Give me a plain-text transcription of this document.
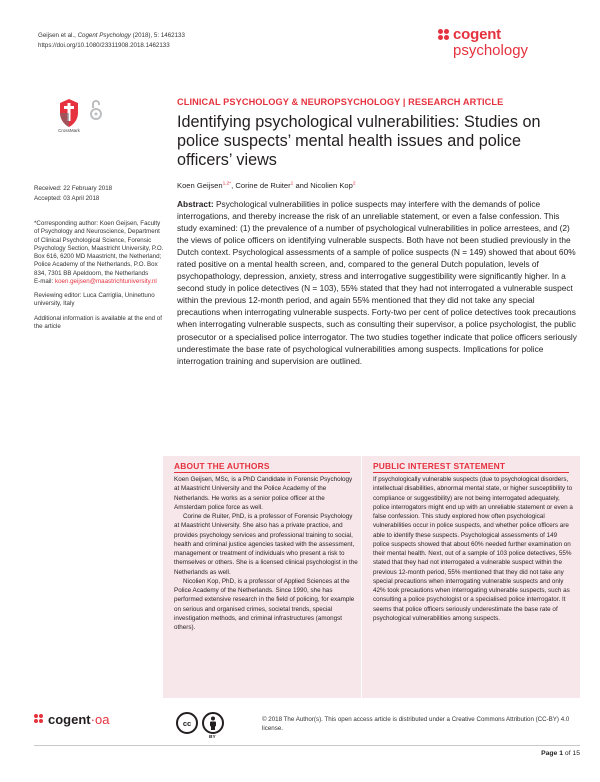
Geijsen et al., Cogent Psychology (2018), 5: 1462133
https://doi.org/10.1080/23311908.2018.1462133
cogent
psychology
CrossMark
CLINICAL PSYCHOLOGY & NEUROPSYCHOLOGY | RESEARCH ARTICLE
Identifying psychological vulnerabilities: Studies on police suspects’ mental health issues and police officers’ views
Koen Geijsen$^{1,2*}$, Corine de Ruiter$^1$ and Nicolien Kop$^2$
Received: 22 February 2018
Accepted: 03 April 2018
*Corresponding author: Koen Geijsen, Faculty of Psychology and Neuroscience, Department of Clinical Psychological Science, Forensic Psychology Section, Maastricht University, P.O. Box 616, 6200 MD Maastricht, the Netherland; Police Academy of the Netherlands, P.O. Box 834, 7301 BB Apeldoorn, the Netherlands
E-mail: koen.geijsen@maastrichtuniversity.nl
Reviewing editor: Luca Carriglia, Uninettuno university, Italy
Additional information is available at the end of the article
Abstract: Psychological vulnerabilities in police suspects may interfere with the demands of police interrogations, and thereby increase the risk of an unreliable statement, or even a false confession. This study examined: (1) the prevalence of a number of psychological vulnerabilities in police arrestees, and (2) the views of police officers on identifying vulnerable suspects. Both have not been studied previously in the Dutch context. Psychological assessments of a sample of police suspects (N = 149) showed that about 60% rated positive on a mental health screen, and, compared to the general Dutch population, levels of psychopathology, depression, anxiety, stress and interrogative suggestibility were significantly higher. In a second study in police detectives (N = 103), 55% stated that they had not interrogated a vulnerable suspect within the previous 12-month period, and again 55% mentioned that they did not take any special precautions when interrogating vulnerable suspects. Forty-two per cent of police detectives took precautions when interrogating vulnerable suspects, such as consulting their supervisor, a police psychologist, the public prosecutor or a specialised police interrogator. The two studies together indicate that police officers seriously underestimate the base rate of psychological vulnerabilities among suspects. Implications for police interrogation training and supervision are outlined.
ABOUT THE AUTHORS
Koen Geijsen, MSc, is a PhD Candidate in Forensic Psychology at Maastricht University and the Police Academy of the Netherlands. He works as a senior police officer at the Amsterdam police force as well.
Corine de Ruiter, PhD, is a professor of Forensic Psychology at Maastricht University. She also has a private practice, and provides psychology services and professional training to social, health and criminal justice agencies tasked with the assessment, management or treatment of individuals who present a risk to themselves or others. She is a licensed clinical psychologist in the Netherlands as well.
Nicolien Kop, PhD, is a professor of Applied Sciences at the Police Academy of the Netherlands. Since 1990, she has performed extensive research in the field of policing, for example on serious and organised crimes, societal trends, special investigation methods, and criminal infrastructures (amongst others).
PUBLIC INTEREST STATEMENT
If psychologically vulnerable suspects (due to psychological disorders, intellectual disabilities, abnormal mental state, or higher susceptibility to compliance or suggestibility) are not being interrogated adequately, police interrogators might end up with an unreliable statement or even a false confession. This study explored how often psychological vulnerabilities occur in police suspects, and whether police officers are able to identify these suspects. Psychological assessments of 149 police suspects showed that about 60% needed further examination on their mental health. Next, out of a sample of 103 police detectives, 55% stated that they had not interrogated a vulnerable suspect within the previous 12-month period, 55% mentioned that they did not take any special precautions when interrogating vulnerable suspects and only 42% took precautions when interrogating vulnerable suspects, such as consulting a police psychologist or a specialised police interrogator. It seems that police officers seriously underestimate the base rate of psychological vulnerabilities among suspects.
cogent·oa	cc
BY
© 2018 The Author(s). This open access article is distributed under a Creative Commons Attribution (CC-BY) 4.0 license.
Page 1 of 15
